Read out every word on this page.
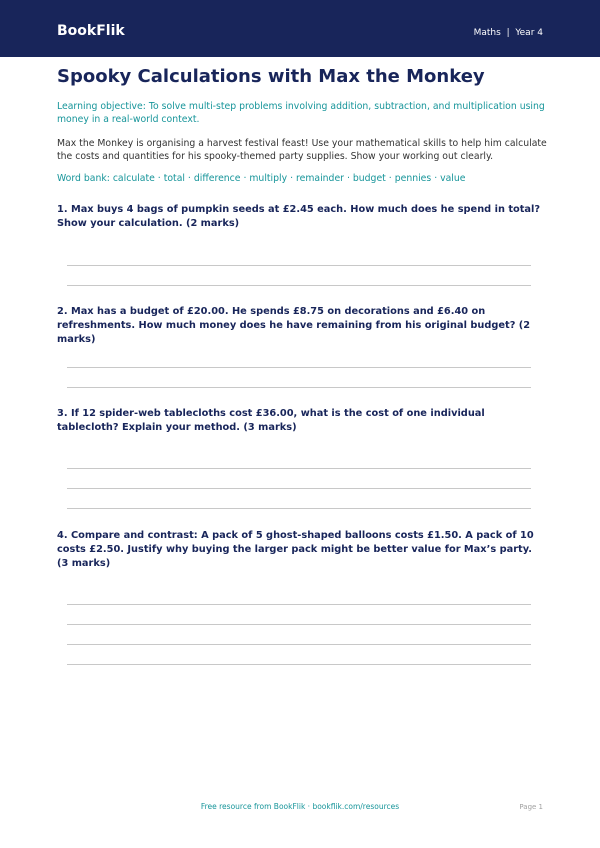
BookFlik	Maths | Year 4
Spooky Calculations with Max the Monkey
Learning objective: To solve multi-step problems involving addition, subtraction, and multiplication using money in a real-world context.
Max the Monkey is organising a harvest festival feast! Use your mathematical skills to help him calculate the costs and quantities for his spooky-themed party supplies. Show your working out clearly.
Word bank: calculate · total · difference · multiply · remainder · budget · pennies · value
1. Max buys 4 bags of pumpkin seeds at £2.45 each. How much does he spend in total? Show your calculation. (2 marks)
2. Max has a budget of £20.00. He spends £8.75 on decorations and £6.40 on refreshments. How much money does he have remaining from his original budget? (2 marks)
3. If 12 spider-web tablecloths cost £36.00, what is the cost of one individual tablecloth? Explain your method. (3 marks)
4. Compare and contrast: A pack of 5 ghost-shaped balloons costs £1.50. A pack of 10 costs £2.50. Justify why buying the larger pack might be better value for Max’s party. (3 marks)
Free resource from BookFlik · bookflik.com/resources	Page 1
